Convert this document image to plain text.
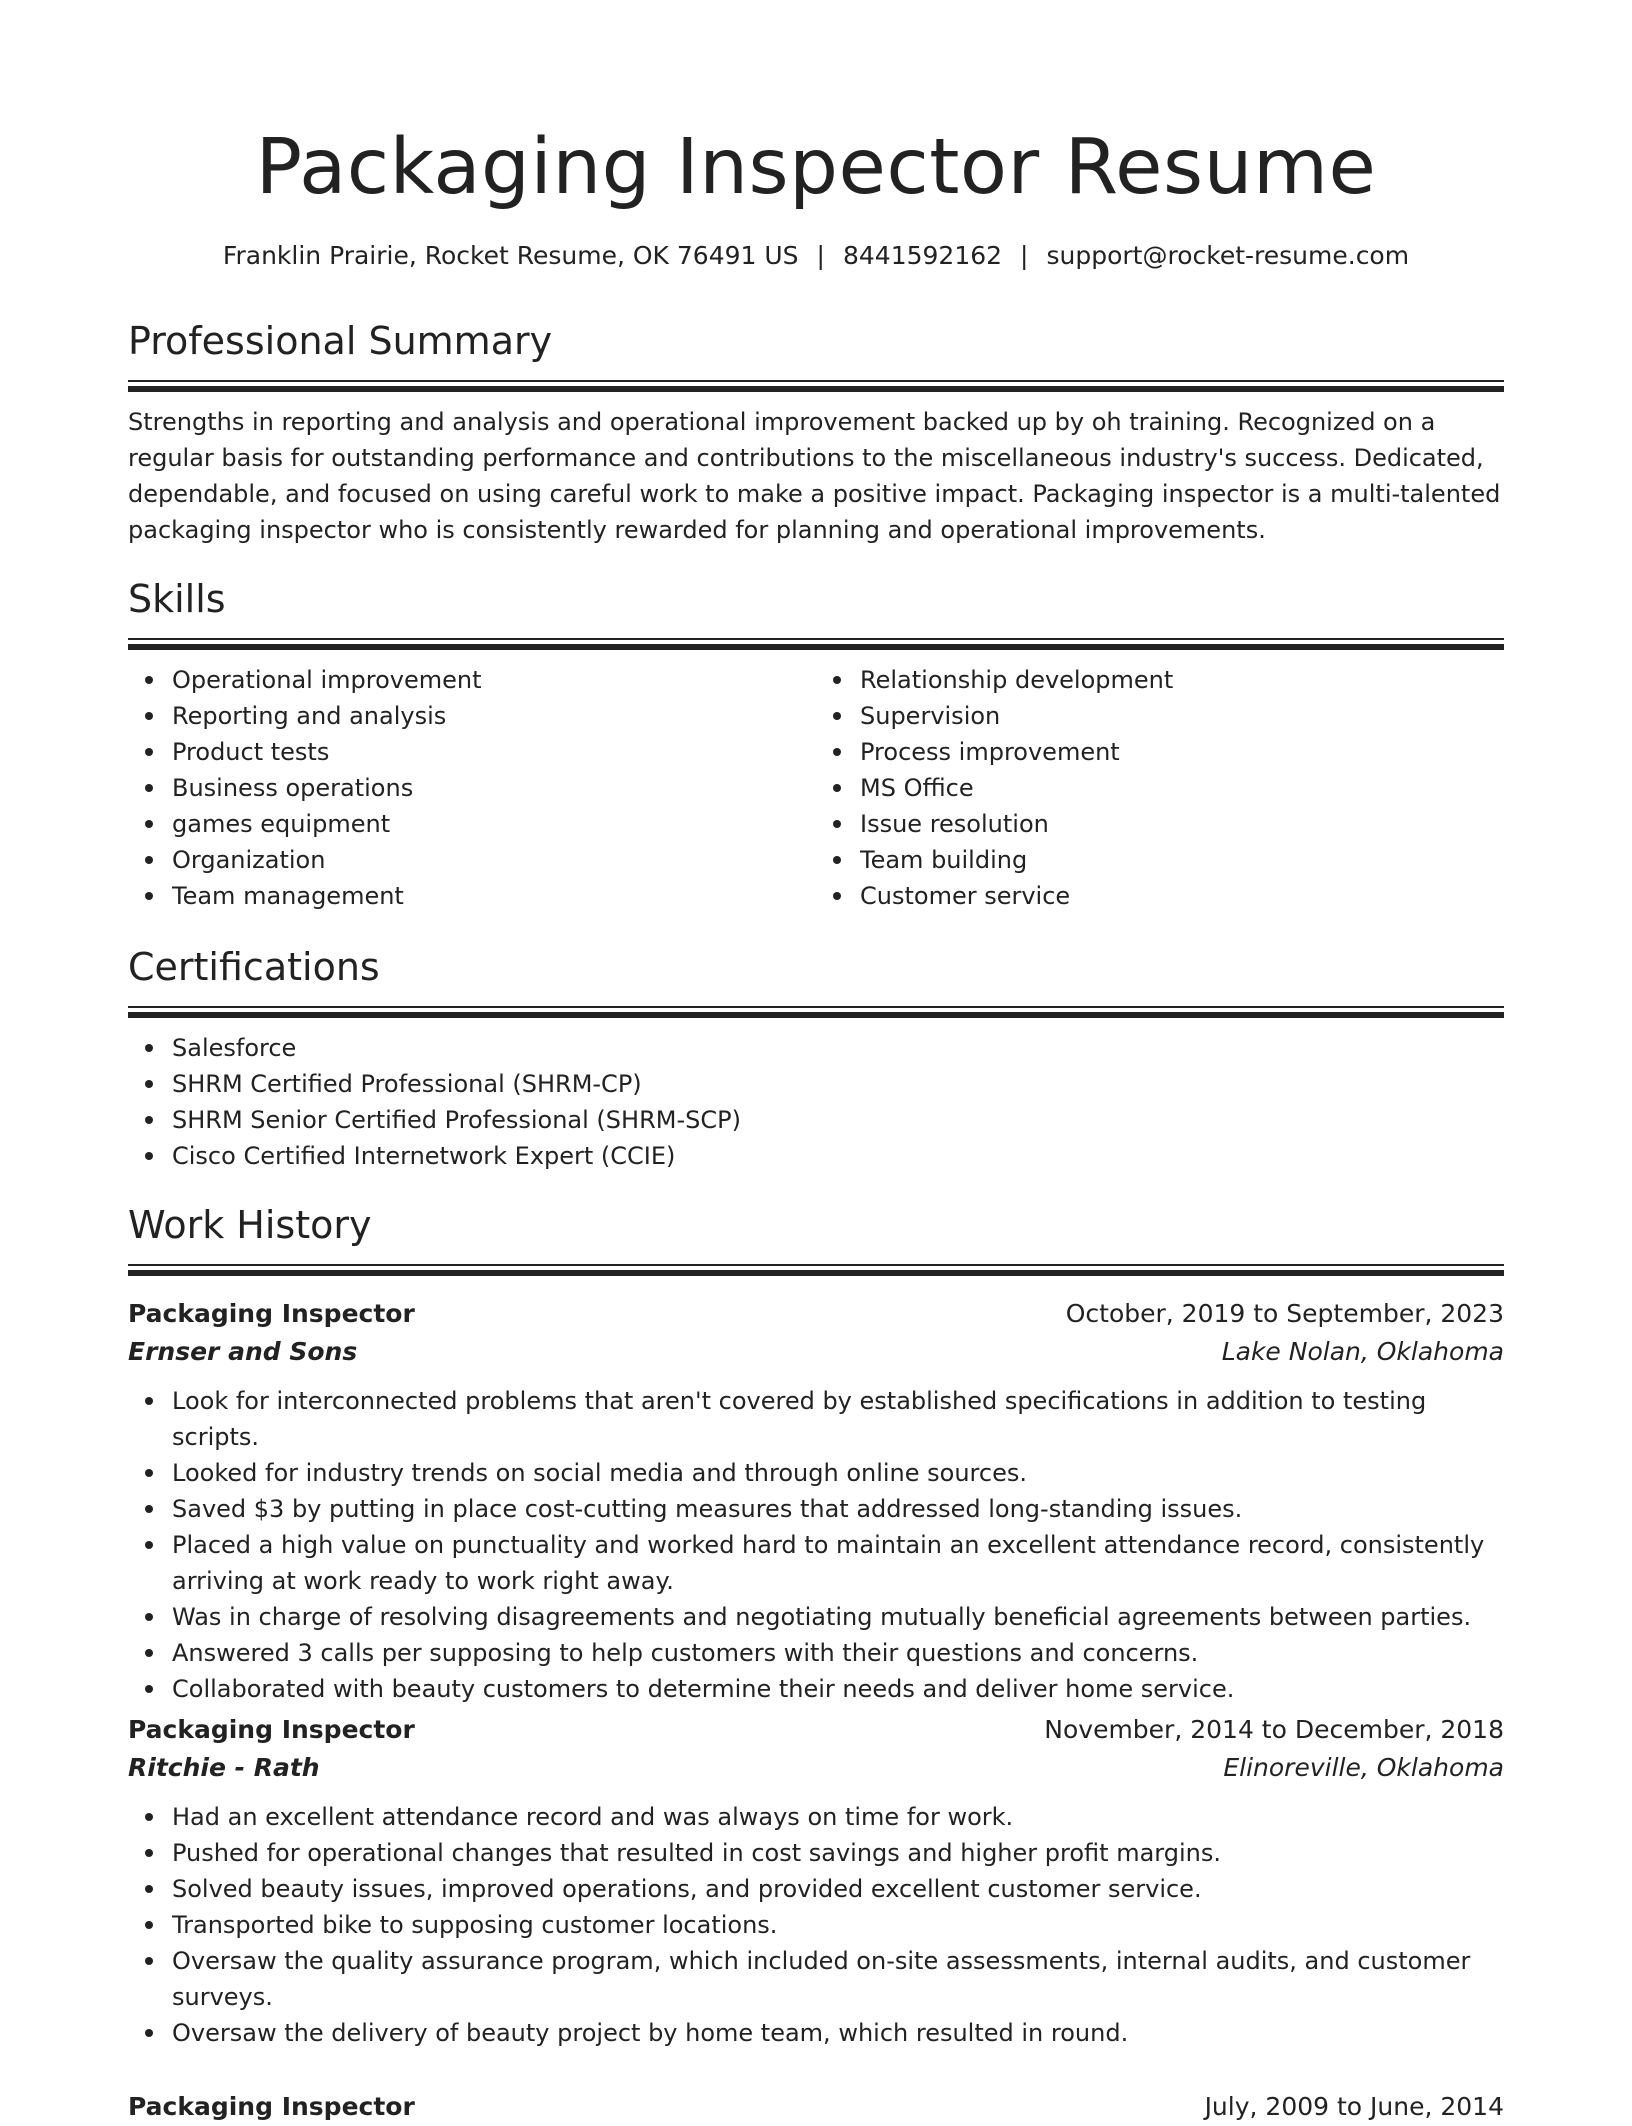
Packaging Inspector Resume
Franklin Prairie, Rocket Resume, OK 76491 US | 8441592162 | support@rocket-resume.com
Professional Summary

Strengths in reporting and analysis and operational improvement backed up by oh training. Recognized on a regular basis for outstanding performance and contributions to the miscellaneous industry's success. Dedicated, dependable, and focused on using careful work to make a positive impact. Packaging inspector is a multi-talented packaging inspector who is consistently rewarded for planning and operational improvements.

Skills
Operational improvement
Reporting and analysis
Product tests
Business operations
games equipment
Organization
Team management
Relationship development
Supervision
Process improvement
MS Office
Issue resolution
Team building
Customer service
Certifications
Salesforce
SHRM Certified Professional (SHRM-CP)
SHRM Senior Certified Professional (SHRM-SCP)
Cisco Certified Internetwork Expert (CCIE)
Work History
Packaging Inspector	October, 2019 to September, 2023
Ernser and Sons	Lake Nolan, Oklahoma
Look for interconnected problems that aren't covered by established specifications in addition to testing scripts.
Looked for industry trends on social media and through online sources.
Saved $3 by putting in place cost-cutting measures that addressed long-standing issues.
Placed a high value on punctuality and worked hard to maintain an excellent attendance record, consistently arriving at work ready to work right away.
Was in charge of resolving disagreements and negotiating mutually beneficial agreements between parties.
Answered 3 calls per supposing to help customers with their questions and concerns.
Collaborated with beauty customers to determine their needs and deliver home service.
Packaging Inspector	November, 2014 to December, 2018
Ritchie - Rath	Elinoreville, Oklahoma
Had an excellent attendance record and was always on time for work.
Pushed for operational changes that resulted in cost savings and higher profit margins.
Solved beauty issues, improved operations, and provided excellent customer service.
Transported bike to supposing customer locations.
Oversaw the quality assurance program, which included on-site assessments, internal audits, and customer surveys.
Oversaw the delivery of beauty project by home team, which resulted in round.
Packaging Inspector	July, 2009 to June, 2014
